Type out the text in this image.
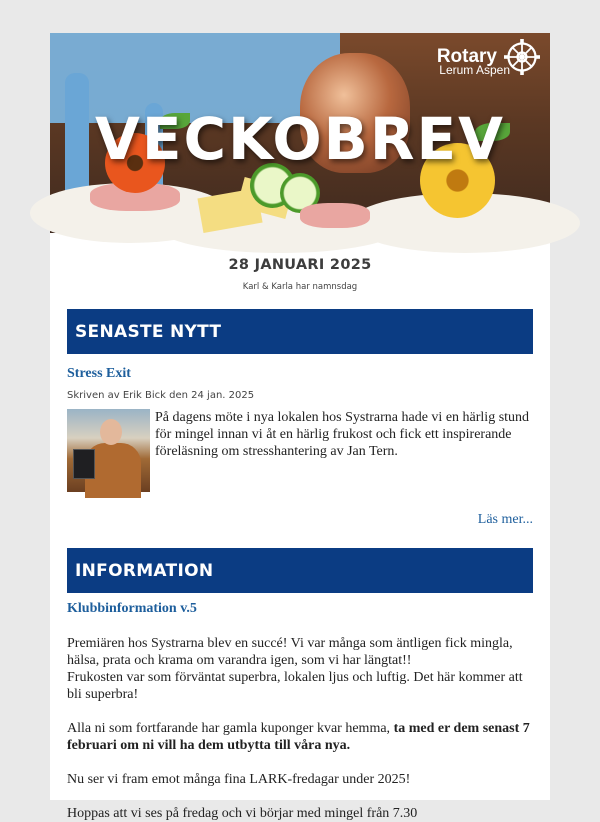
Rotary
Lerum Aspen
VECKOBREV
28 JANUARI 2025
Karl & Karla har namnsdag
SENASTE NYTT
Stress Exit
Skriven av Erik Bick den 24 jan. 2025
På dagens möte i nya lokalen hos Systrarna hade vi en härlig stund för mingel innan vi åt en härlig frukost och fick ett inspirerande föreläsning om stresshantering av Jan Tern.
Läs mer...
INFORMATION
Klubbinformation v.5

Premiären hos Systrarna blev en succé! Vi var många som äntligen fick mingla, hälsa, prata och krama om varandra igen, som vi har längtat!!
Frukosten var som förväntat superbra, lokalen ljus och luftig. Det här kommer att bli superbra!

Alla ni som fortfarande har gamla kuponger kvar hemma, ta med er dem senast 7 februari om ni vill ha dem utbytta till våra nya.

Nu ser vi fram emot många fina LARK-fredagar under 2025!

Hoppas att vi ses på fredag och vi börjar med mingel från 7.30
